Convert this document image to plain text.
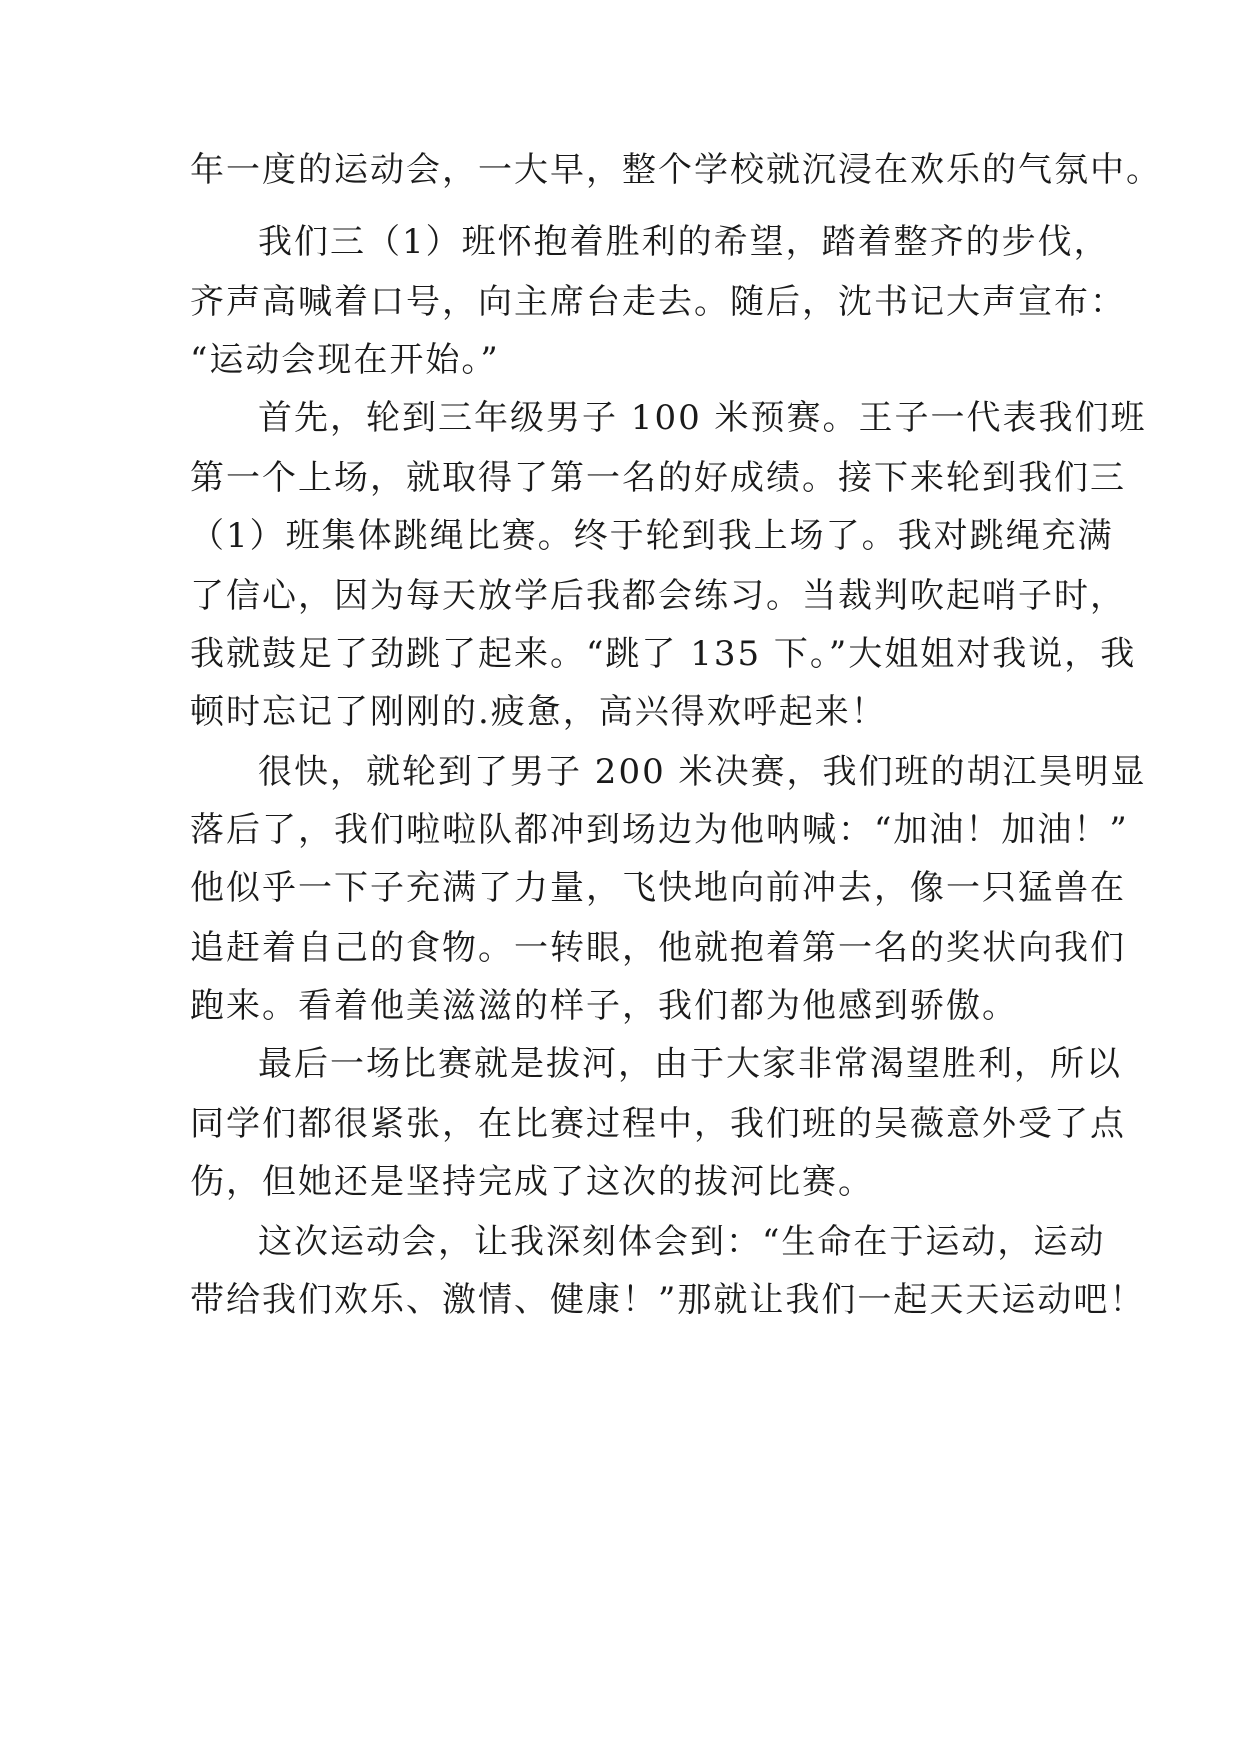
年一度的运动会，一大早，整个学校就沉浸在欢乐的气氛中。
我们三（1）班怀抱着胜利的希望，踏着整齐的步伐，
齐声高喊着口号，向主席台走去。随后，沈书记大声宣布：
“运动会现在开始。”
首先，轮到三年级男子 100 米预赛。王子一代表我们班
第一个上场，就取得了第一名的好成绩。接下来轮到我们三
（1）班集体跳绳比赛。终于轮到我上场了。我对跳绳充满
了信心，因为每天放学后我都会练习。当裁判吹起哨子时，
我就鼓足了劲跳了起来。“跳了 135 下。”大姐姐对我说，我
顿时忘记了刚刚的.疲惫，高兴得欢呼起来！
很快，就轮到了男子 200 米决赛，我们班的胡江昊明显
落后了，我们啦啦队都冲到场边为他呐喊：“加油！加油！”
他似乎一下子充满了力量，飞快地向前冲去，像一只猛兽在
追赶着自己的食物。一转眼，他就抱着第一名的奖状向我们
跑来。看着他美滋滋的样子，我们都为他感到骄傲。
最后一场比赛就是拔河，由于大家非常渴望胜利，所以
同学们都很紧张，在比赛过程中，我们班的吴薇意外受了点
伤，但她还是坚持完成了这次的拔河比赛。
这次运动会，让我深刻体会到：“生命在于运动，运动
带给我们欢乐、激情、健康！”那就让我们一起天天运动吧！
